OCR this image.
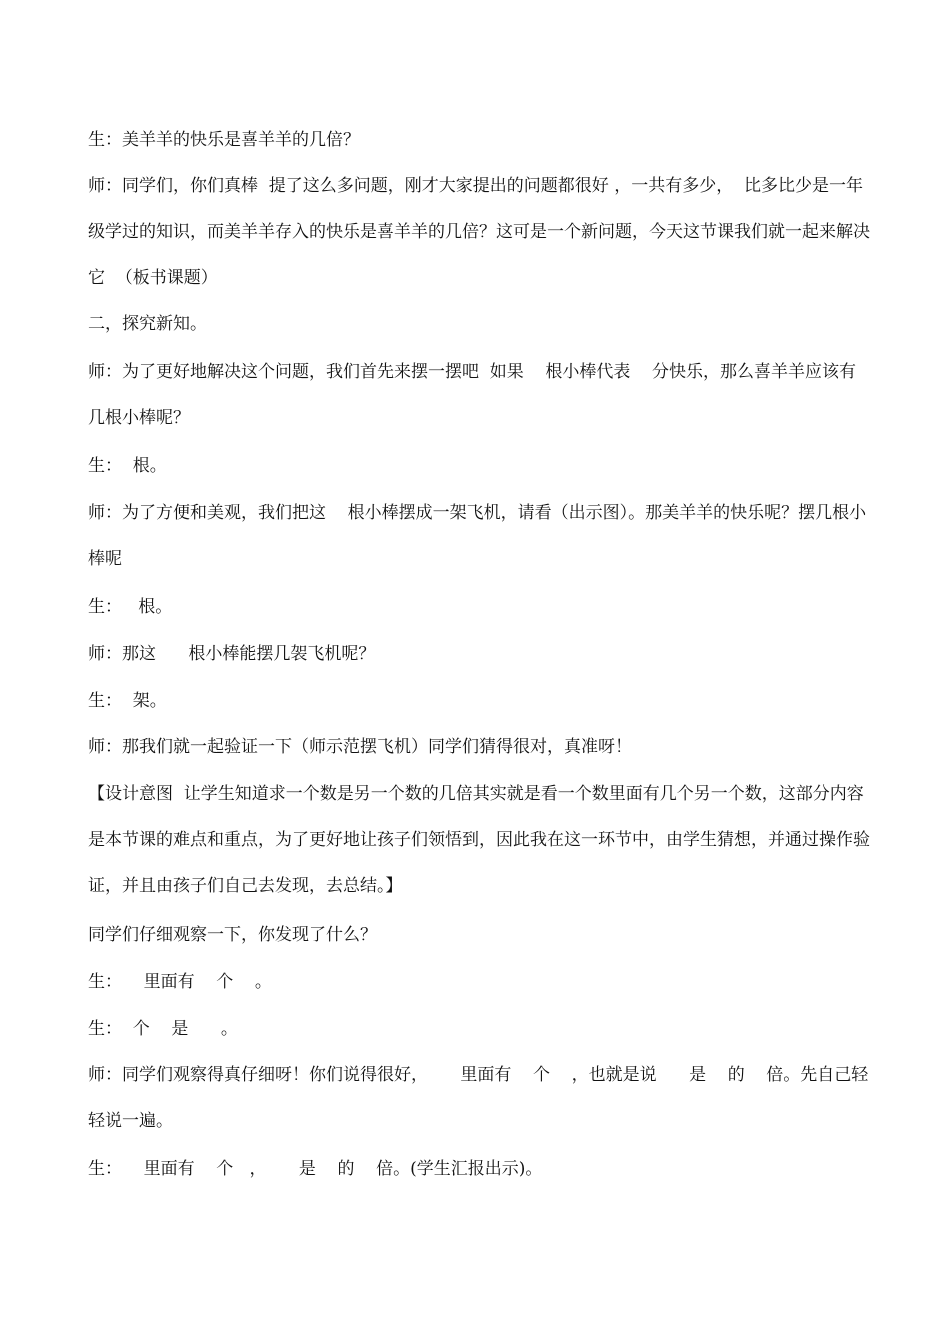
生：美羊羊的快乐是喜羊羊的几倍？

师：同学们，你们真棒  提了这么多问题，刚才大家提出的问题都很好 ，一共有多少，  比多比少是一年级学过的知识，而美羊羊存入的快乐是喜羊羊的几倍？这可是一个新问题，今天这节课我们就一起来解决它  （板书课题）

二，探究新知。

师：为了更好地解决这个问题，我们首先来摆一摆吧  如果    根小棒代表    分快乐，那么喜羊羊应该有几根小棒呢？

生：  根。

师：为了方便和美观，我们把这    根小棒摆成一架飞机，请看（出示图）。那美羊羊的快乐呢？摆几根小棒呢

生：   根。

师：那这      根小棒能摆几袈飞机呢？

生：  架。

师：那我们就一起验证一下（师示范摆飞机）同学们猜得很对，真准呀！

【设计意图  让学生知道求一个数是另一个数的几倍其实就是看一个数里面有几个另一个数，这部分内容是本节课的难点和重点，为了更好地让孩子们领悟到，因此我在这一环节中，由学生猜想，并通过操作验证，并且由孩子们自己去发现，去总结。】

同学们仔细观察一下，你发现了什么？

生：    里面有    个    。

生：  个    是      。

师：同学们观察得真仔细呀！你们说得很好，      里面有    个    ，也就是说      是    的    倍。先自己轻轻说一遍。

生：    里面有    个   ，      是    的    倍。(学生汇报出示)。
